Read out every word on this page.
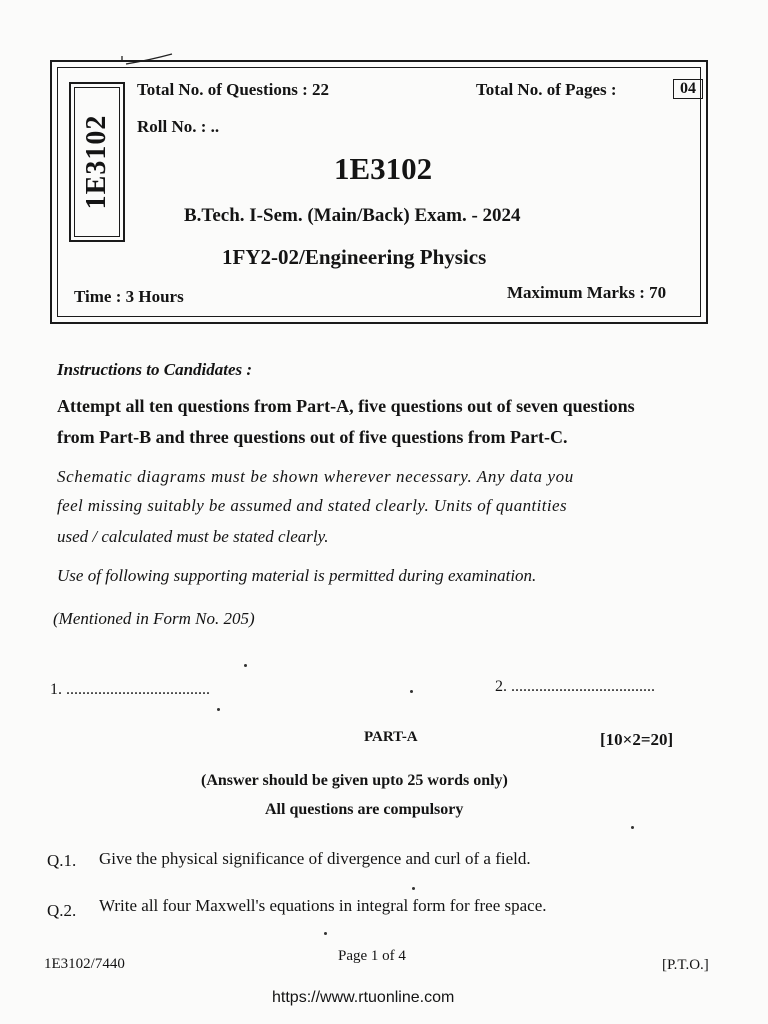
1E3102
Total No. of Questions : 22	Total No. of Pages :	04
Roll No. : ..
1E3102
B.Tech. I-Sem. (Main/Back) Exam. - 2024
1FY2-02/Engineering Physics
Time : 3 Hours	Maximum Marks : 70
Instructions to Candidates :
Attempt all ten questions from Part-A, five questions out of seven questions
from Part-B and three questions out of five questions from Part-C.
Schematic diagrams must be shown wherever necessary. Any data you
feel missing suitably be assumed and stated clearly. Units of quantities
used / calculated must be stated clearly.
Use of following supporting material is permitted during examination.
(Mentioned in Form No. 205)
1. ....................................	2. ....................................
PART-A	[10×2=20]
(Answer should be given upto 25 words only)
All questions are compulsory
Q.1. Give the physical significance of divergence and curl of a field.
Q.2. Write all four Maxwell's equations in integral form for free space.
1E3102/7440	Page 1 of 4
[P.T.O.]
https://www.rtuonline.com
